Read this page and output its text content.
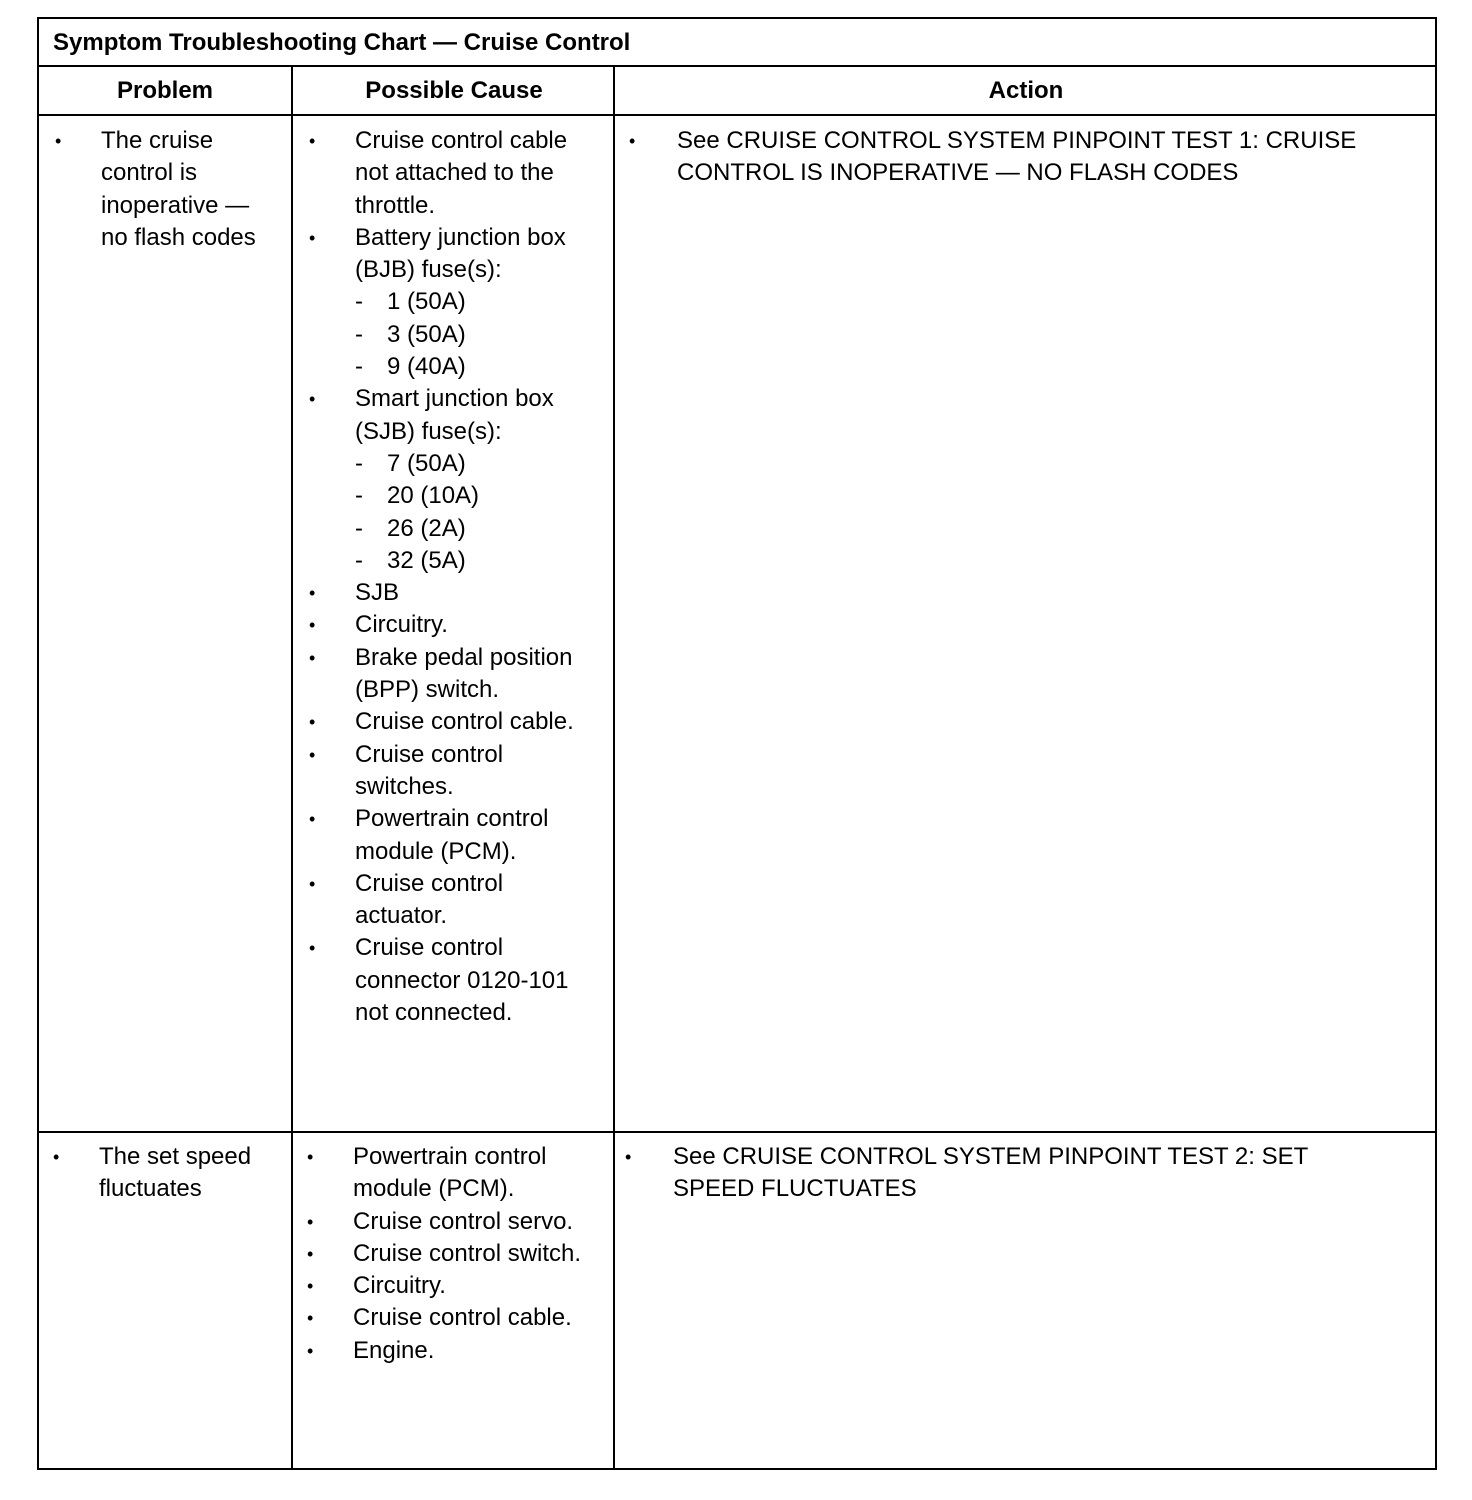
Symptom Troubleshooting Chart — Cruise Control
Problem	Possible Cause	Action
• The cruise control is inoperative — no flash codes
• Cruise control cable not attached to the throttle.
• Battery junction box (BJB) fuse(s):
- 1 (50A)
- 3 (50A)
- 9 (40A)
• Smart junction box (SJB) fuse(s):
- 7 (50A)
- 20 (10A)
- 26 (2A)
- 32 (5A)
• SJB
• Circuitry.
• Brake pedal position (BPP) switch.
• Cruise control cable.
• Cruise control switches.
• Powertrain control module (PCM).
• Cruise control actuator.
• Cruise control connector 0120-101 not connected.
• See CRUISE CONTROL SYSTEM PINPOINT TEST 1: CRUISE CONTROL IS INOPERATIVE — NO FLASH CODES
• The set speed fluctuates
• Powertrain control module (PCM).
• Cruise control servo.
• Cruise control switch.
• Circuitry.
• Cruise control cable.
• Engine.
• See CRUISE CONTROL SYSTEM PINPOINT TEST 2: SET SPEED FLUCTUATES
